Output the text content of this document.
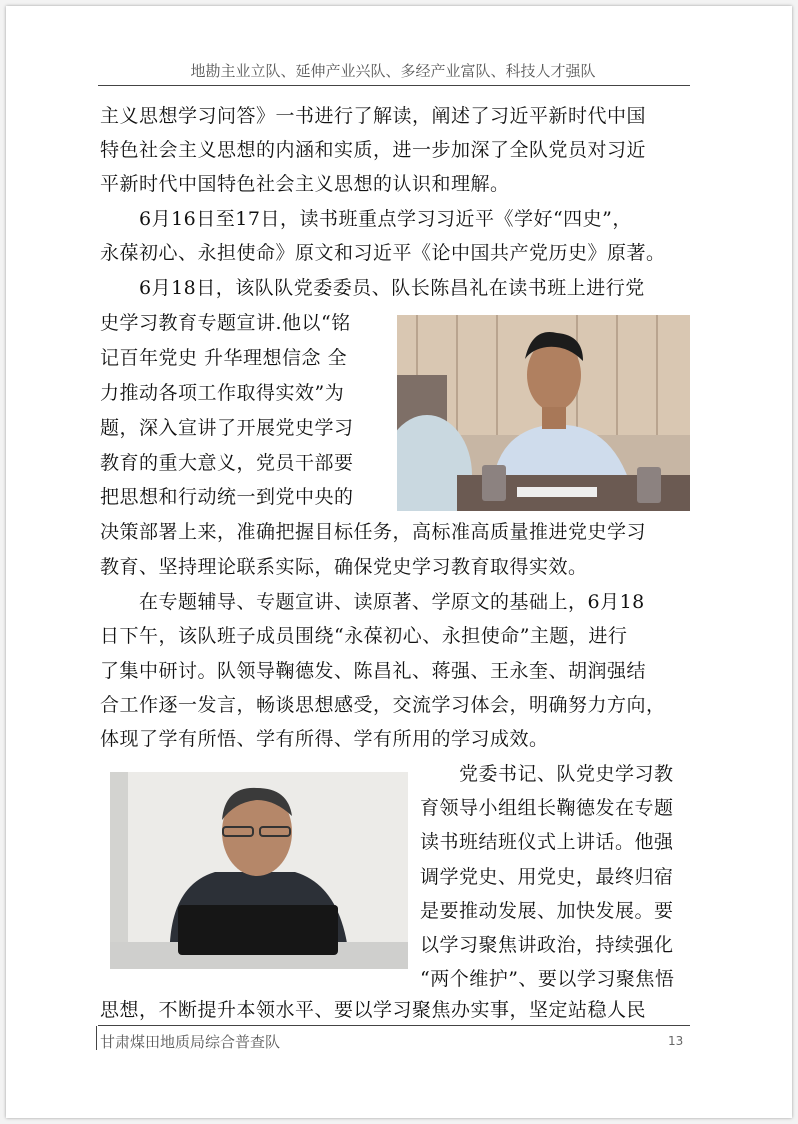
地勘主业立队、延伸产业兴队、多经产业富队、科技人才强队
主义思想学习问答》一书进行了解读，阐述了习近平新时代中国
特色社会主义思想的内涵和实质，进一步加深了全队党员对习近
平新时代中国特色社会主义思想的认识和理解。
　　6月16日至17日，读书班重点学习习近平《学好“四史”，
永葆初心、永担使命》原文和习近平《论中国共产党历史》原著。
　　6月18日，该队队党委委员、队长陈昌礼在读书班上进行党
史学习教育专题宣讲.他以“铭
记百年党史 升华理想信念 全
力推动各项工作取得实效”为
题，深入宣讲了开展党史学习
教育的重大意义，党员干部要
把思想和行动统一到党中央的
决策部署上来，准确把握目标任务，高标准高质量推进党史学习
教育、坚持理论联系实际，确保党史学习教育取得实效。
　　在专题辅导、专题宣讲、读原著、学原文的基础上，6月18
日下午，该队班子成员围绕“永葆初心、永担使命”主题，进行
了集中研讨。队领导鞠德发、陈昌礼、蒋强、王永奎、胡润强结
合工作逐一发言，畅谈思想感受，交流学习体会，明确努力方向，
体现了学有所悟、学有所得、学有所用的学习成效。
　　党委书记、队党史学习教
育领导小组组长鞠德发在专题
读书班结班仪式上讲话。他强
调学党史、用党史，最终归宿
是要推动发展、加快发展。要
以学习聚焦讲政治，持续强化
“两个维护”、要以学习聚焦悟
思想，不断提升本领水平、要以学习聚焦办实事，坚定站稳人民
甘肃煤田地质局综合普查队	13
